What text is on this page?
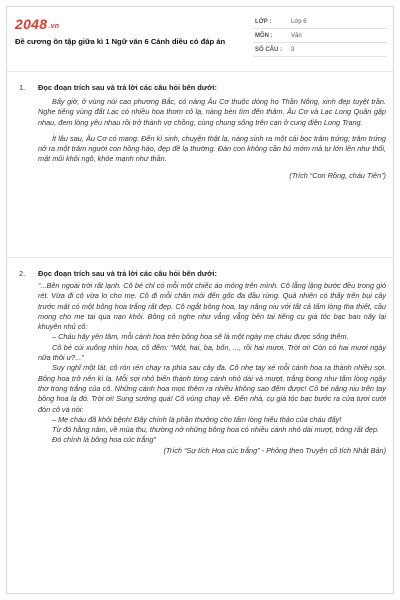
2048.vn
Đề cương ôn tập giữa kì 1 Ngữ văn 6 Cánh diều có đáp án
LỚP :	Lớp 6
MÔN :	Văn
SỐ CÂU : 3
1. Đọc đoạn trích sau và trả lời các câu hỏi bên dưới:

Bấy giờ, ở vùng núi cao phương Bắc, có nàng Âu Cơ thuộc dòng họ Thần Nông, xinh đẹp tuyệt trần. Nghe tiếng vùng đất Lạc có nhiều hoa thơm cỏ lạ, nàng bèn tìm đến thăm. Âu Cơ và Lạc Long Quân gặp nhau, đem lòng yêu nhau rồi trở thành vợ chồng, cùng chung sống trên cạn ở cung điện Long Trang.

Ít lâu sau, Âu Cơ có mang. Đến kì sinh, chuyện thật lạ, nàng sinh ra một cái bọc trăm trứng; trăm trứng nở ra một trăm người con hồng hào, đẹp đẽ lạ thường. Đàn con không cần bú mớm mà tự lớn lên như thổi, mặt mũi khôi ngô, khỏe mạnh như thần.

(Trích “Con Rồng, cháu Tiên”)

2. Đọc đoạn trích sau và trả lời các câu hỏi bên dưới:

“...Bên ngoài trời rất lạnh. Cô bé chỉ có mỗi một chiếc áo mỏng trên mình. Cô lẵng lặng bước đều trong gió rét. Vừa đi cô vừa lo cho mẹ. Cô đi mỗi chân mỏi đến gốc đa đầu rừng. Quả nhiên có thấy trên bụi cây trước mặt có một bông hoa trắng rất đẹp. Cô ngắt bông hoa, tay nâng niu với tất cả tấm lòng tha thiết, cầu mong cho mẹ tai qua nạn khỏi. Bông cỏ nghe như vẳng vẳng bên tai tiếng cụ già tóc bạc ban nãy lại khuyên nhủ cô:

– Cháu hãy yên tâm, mỗi cánh hoa trên bông hoa sẽ là một ngày mẹ cháu được sống thêm.

Cô bé cúi xuống nhìn hoa, cô đếm: “Một, hai, ba, bốn, ..., rồi hai mươi. Trời ơi! Còn có hai mươi ngày nữa thôi ư?...”

Suy nghĩ một lát, cô rón rén chạy ra phía sau cây đa. Cô nhẹ tay xé mỗi cánh hoa ra thành nhiều sợi. Bông hoa trở nên kì lạ. Mỗi sợi nhỏ biến thành từng cánh nhỏ dài và mượt, trắng bong như tấm lòng ngây thơ trong trắng của cô. Những cánh hoa mọc thêm ra nhiều không sao đếm được! Cô bé nâng niu trên tay bông hoa lạ đó. Trời ơi! Sung sướng quá! Cô vùng chạy về. Đến nhà, cụ già tóc bạc bước ra cửa tươi cười đón cô và nói:

– Mẹ cháu đã khỏi bệnh! Đây chính là phần thưởng cho tấm lòng hiếu thảo của cháu đấy!

Từ đó hằng năm, về mùa thu, thường nở những bông hoa có nhiều cánh nhỏ dài mượt, trông rất đẹp.

Đó chính là bông hoa cúc trắng”

(Trích “Sự tích Hoa cúc trắng” - Phỏng theo Truyện cổ tích Nhật Bản)
